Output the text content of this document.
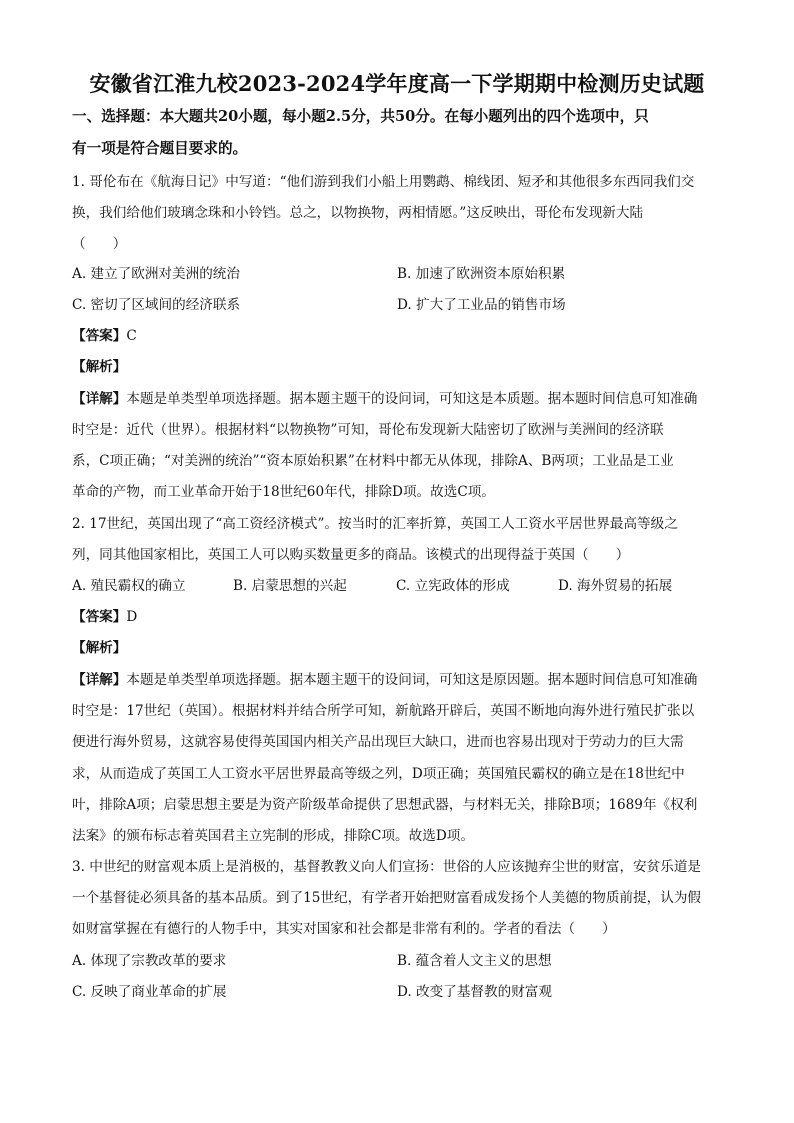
安徽省江淮九校2023-2024学年度高一下学期期中检测历史试题
一、选择题：本大题共20小题，每小题2.5分，共50分。在每小题列出的四个选项中，只
有一项是符合题目要求的。
1. 哥伦布在《航海日记》中写道：“他们游到我们小船上用鹦鹉、棉线团、短矛和其他很多东西同我们交
换，我们给他们玻璃念珠和小铃铛。总之，以物换物，两相情愿。”这反映出，哥伦布发现新大陆
（　　）
A. 建立了欧洲对美洲的统治	B. 加速了欧洲资本原始积累
C. 密切了区域间的经济联系	D. 扩大了工业品的销售市场
【答案】C
【解析】
【详解】本题是单类型单项选择题。据本题主题干的设问词，可知这是本质题。据本题时间信息可知准确
时空是：近代（世界）。根据材料“以物换物”可知，哥伦布发现新大陆密切了欧洲与美洲间的经济联
系，C项正确；“对美洲的统治”“资本原始积累”在材料中都无从体现，排除A、B两项；工业品是工业
革命的产物，而工业革命开始于18世纪60年代，排除D项。故选C项。
2. 17世纪，英国出现了“高工资经济模式”。按当时的汇率折算，英国工人工资水平居世界最高等级之
列，同其他国家相比，英国工人可以购买数量更多的商品。该模式的出现得益于英国（　　）
A. 殖民霸权的确立	B. 启蒙思想的兴起	C. 立宪政体的形成	D. 海外贸易的拓展
【答案】D
【解析】
【详解】本题是单类型单项选择题。据本题主题干的设问词，可知这是原因题。据本题时间信息可知准确
时空是：17世纪（英国）。根据材料并结合所学可知，新航路开辟后，英国不断地向海外进行殖民扩张以
便进行海外贸易，这就容易使得英国国内相关产品出现巨大缺口，进而也容易出现对于劳动力的巨大需
求，从而造成了英国工人工资水平居世界最高等级之列，D项正确；英国殖民霸权的确立是在18世纪中
叶，排除A项；启蒙思想主要是为资产阶级革命提供了思想武器，与材料无关，排除B项；1689年《权利
法案》的颁布标志着英国君主立宪制的形成，排除C项。故选D项。
3. 中世纪的财富观本质上是消极的，基督教教义向人们宣扬：世俗的人应该抛弃尘世的财富，安贫乐道是
一个基督徒必须具备的基本品质。到了15世纪，有学者开始把财富看成发扬个人美德的物质前提，认为假
如财富掌握在有德行的人物手中，其实对国家和社会都是非常有利的。学者的看法（　　）
A. 体现了宗教改革的要求	B. 蕴含着人文主义的思想
C. 反映了商业革命的扩展	D. 改变了基督教的财富观
